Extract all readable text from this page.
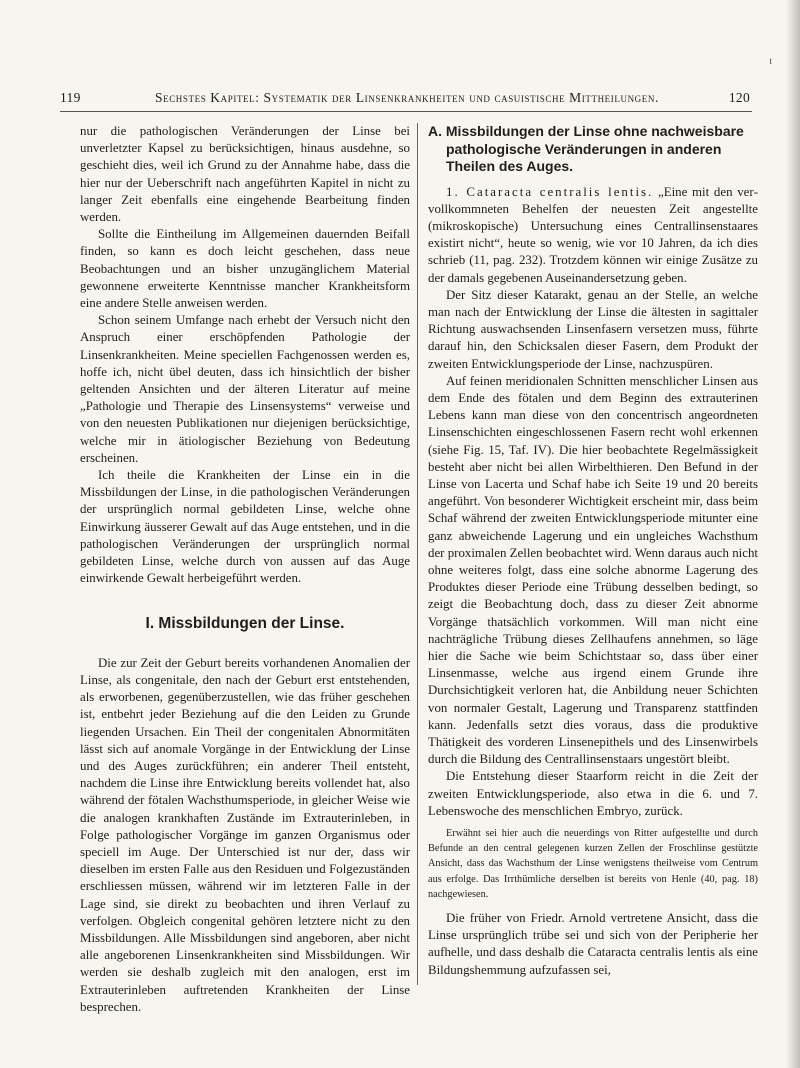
t
119	Sechstes Kapitel: Systematik der Linsenkrankheiten und casuistische Mittheilungen.	120

nur die pathologischen Veränderungen der Linse bei unverletzter Kapsel zu berücksichtigen, hinaus ausdehne, so geschieht dies, weil ich Grund zu der Annahme habe, dass die hier nur der Ueberschrift nach angeführten Kapitel in nicht zu langer Zeit ebenfalls eine eingehende Bearbeitung finden werden.

Sollte die Eintheilung im Allgemeinen dauernden Beifall finden, so kann es doch leicht geschehen, dass neue Beobachtungen und an bisher unzugänglichem Material gewonnene erweiterte Kenntnisse mancher Krankheitsform eine andere Stelle anweisen werden.

Schon seinem Umfange nach erhebt der Versuch nicht den Anspruch einer erschöpfenden Pathologie der Linsenkrankheiten. Meine speciellen Fachgenossen werden es, hoffe ich, nicht übel deuten, dass ich hinsichtlich der bisher geltenden Ansichten und der älteren Literatur auf meine „Pathologie und Therapie des Linsensystems“ verweise und von den neuesten Publikationen nur diejenigen berücksichtige, welche mir in ätiologischer Beziehung von Bedeutung erscheinen.

Ich theile die Krankheiten der Linse ein in die Missbildungen der Linse, in die pathologischen Veränderungen der ursprünglich normal gebildeten Linse, welche ohne Einwirkung äusserer Gewalt auf das Auge entstehen, und in die pathologischen Veränderungen der ursprünglich normal gebildeten Linse, welche durch von aussen auf das Auge einwirkende Gewalt herbeigeführt werden.

I. Missbildungen der Linse.

Die zur Zeit der Geburt bereits vorhandenen Anomalien der Linse, als congenitale, den nach der Geburt erst entstehenden, als erworbenen, gegenüberzustellen, wie das früher geschehen ist, entbehrt jeder Beziehung auf die den Leiden zu Grunde liegenden Ursachen. Ein Theil der congenitalen Abnormitäten lässt sich auf anomale Vorgänge in der Entwicklung der Linse und des Auges zurückführen; ein anderer Theil entsteht, nachdem die Linse ihre Entwicklung bereits vollendet hat, also während der fötalen Wachsthumsperiode, in gleicher Weise wie die analogen krankhaften Zustände im Extrauterinleben, in Folge pathologischer Vorgänge im ganzen Organismus oder speciell im Auge. Der Unterschied ist nur der, dass wir dieselben im ersten Falle aus den Residuen und Folgezuständen erschliessen müssen, während wir im letzteren Falle in der Lage sind, sie direkt zu beobachten und ihren Verlauf zu verfolgen. Obgleich congenital gehören letztere nicht zu den Missbildungen. Alle Missbildungen sind angeboren, aber nicht alle angeborenen Linsenkrankheiten sind Missbildungen. Wir werden sie deshalb zugleich mit den analogen, erst im Extrauterinleben auftretenden Krankheiten der Linse besprechen.

A. Missbildungen der Linse ohne nachweisbare pathologische Veränderungen in anderen Theilen des Auges.

1. Cataracta centralis lentis. „Eine mit den vervollkommneten Behelfen der neuesten Zeit angestellte (mikroskopische) Untersuchung eines Centrallinsenstaares existirt nicht“, heute so wenig, wie vor 10 Jahren, da ich dies schrieb (11, pag. 232). Trotzdem können wir einige Zusätze zu der damals gegebenen Auseinandersetzung geben.

Der Sitz dieser Katarakt, genau an der Stelle, an welche man nach der Entwicklung der Linse die ältesten in sagittaler Richtung auswachsenden Linsenfasern versetzen muss, führte darauf hin, den Schicksalen dieser Fasern, dem Produkt der zweiten Entwicklungsperiode der Linse, nachzuspüren.

Auf feinen meridionalen Schnitten menschlicher Linsen aus dem Ende des fötalen und dem Beginn des extrauterinen Lebens kann man diese von den concentrisch angeordneten Linsenschichten eingeschlossenen Fasern recht wohl erkennen (siehe Fig. 15, Taf. IV). Die hier beobachtete Regelmässigkeit besteht aber nicht bei allen Wirbelthieren. Den Befund in der Linse von Lacerta und Schaf habe ich Seite 19 und 20 bereits angeführt. Von besonderer Wichtigkeit erscheint mir, dass beim Schaf während der zweiten Entwicklungsperiode mitunter eine ganz abweichende Lagerung und ein ungleiches Wachsthum der proximalen Zellen beobachtet wird. Wenn daraus auch nicht ohne weiteres folgt, dass eine solche abnorme Lagerung des Produktes dieser Periode eine Trübung desselben bedingt, so zeigt die Beobachtung doch, dass zu dieser Zeit abnorme Vorgänge thatsächlich vorkommen. Will man nicht eine nachträgliche Trübung dieses Zellhaufens annehmen, so läge hier die Sache wie beim Schichtstaar so, dass über einer Linsenmasse, welche aus irgend einem Grunde ihre Durchsichtigkeit verloren hat, die Anbildung neuer Schichten von normaler Gestalt, Lagerung und Transparenz stattfinden kann. Jedenfalls setzt dies voraus, dass die produktive Thätigkeit des vorderen Linsenepithels und des Linsenwirbels durch die Bildung des Centrallinsenstaars ungestört bleibt.

Die Entstehung dieser Staarform reicht in die Zeit der zweiten Entwicklungsperiode, also etwa in die 6. und 7. Lebenswoche des menschlichen Embryo, zurück.

Erwähnt sei hier auch die neuerdings von Ritter aufgestellte und durch Befunde an den central gelegenen kurzen Zellen der Froschlinse gestützte Ansicht, dass das Wachsthum der Linse wenigstens theilweise vom Centrum aus erfolge. Das Irrthümliche derselben ist bereits von Henle (40, pag. 18) nachgewiesen.

Die früher von Friedr. Arnold vertretene Ansicht, dass die Linse ursprünglich trübe sei und sich von der Peripherie her aufhelle, und dass deshalb die Cataracta centralis lentis als eine Bildungshemmung aufzufassen sei,
